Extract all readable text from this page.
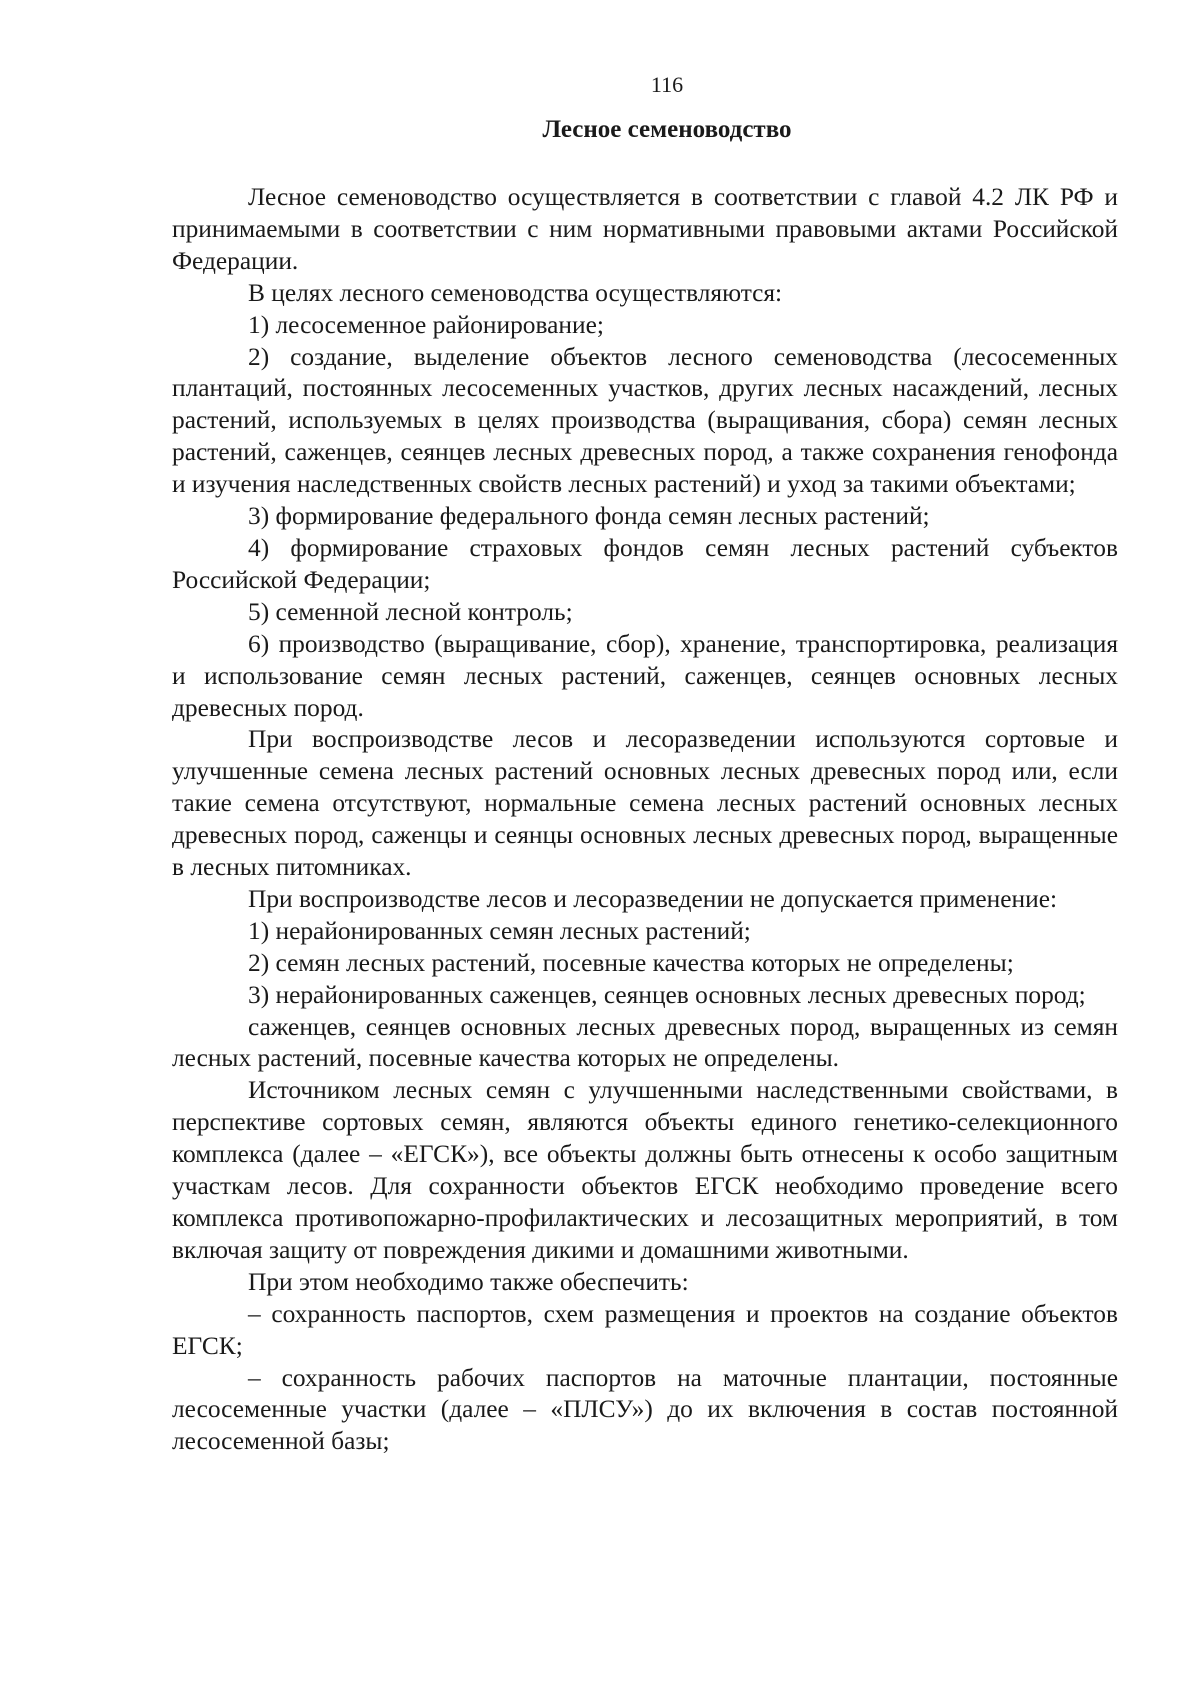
116
Лесное семеноводство

Лесное семеноводство осуществляется в соответствии с главой 4.2 ЛК РФ и принимаемыми в соответствии с ним нормативными правовыми актами Российской Федерации.

В целях лесного семеноводства осуществляются:

1) лесосеменное районирование;

2) создание, выделение объектов лесного семеноводства (лесосеменных плантаций, постоянных лесосеменных участков, других лесных насаждений, лесных растений, используемых в целях производства (выращивания, сбора) семян лесных растений, саженцев, сеянцев лесных древесных пород, а также сохранения генофонда и изучения наследственных свойств лесных растений) и уход за такими объектами;

3) формирование федерального фонда семян лесных растений;

4) формирование страховых фондов семян лесных растений субъектов Российской Федерации;

5) семенной лесной контроль;

6) производство (выращивание, сбор), хранение, транспортировка, реализация и использование семян лесных растений, саженцев, сеянцев основных лесных древесных пород.

При воспроизводстве лесов и лесоразведении используются сортовые и улучшенные семена лесных растений основных лесных древесных пород или, если такие семена отсутствуют, нормальные семена лесных растений основных лесных древесных пород, саженцы и сеянцы основных лесных древесных пород, выращенные в лесных питомниках.

При воспроизводстве лесов и лесоразведении не допускается применение:

1) нерайонированных семян лесных растений;

2) семян лесных растений, посевные качества которых не определены;

3) нерайонированных саженцев, сеянцев основных лесных древесных пород;

саженцев, сеянцев основных лесных древесных пород, выращенных из семян лесных растений, посевные качества которых не определены.

Источником лесных семян с улучшенными наследственными свойствами, в перспективе сортовых семян, являются объекты единого генетико-селекционного комплекса (далее – «ЕГСК»), все объекты должны быть отнесены к особо защитным участкам лесов. Для сохранности объектов ЕГСК необходимо проведение всего комплекса противопожарно-профилактических и лесозащитных мероприятий, в том включая защиту от повреждения дикими и домашними животными.

При этом необходимо также обеспечить:

– сохранность паспортов, схем размещения и проектов на создание объектов ЕГСК;

– сохранность рабочих паспортов на маточные плантации, постоянные лесосеменные участки (далее – «ПЛСУ») до их включения в состав постоянной лесосеменной базы;
